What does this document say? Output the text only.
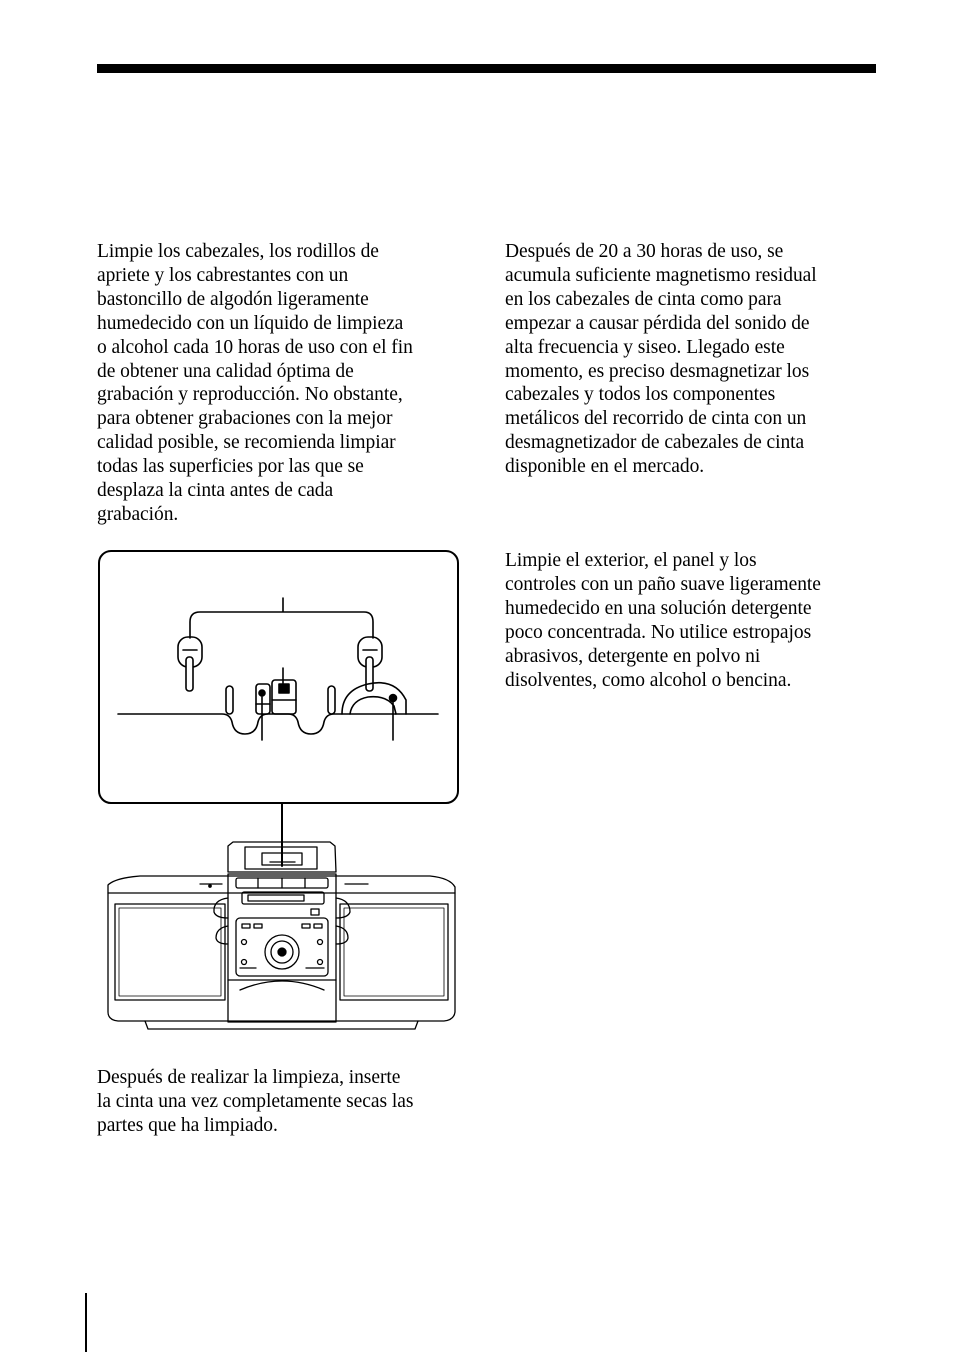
Limpie los cabezales, los rodillos de
apriete y los cabrestantes con un
bastoncillo de algodón ligeramente
humedecido con un líquido de limpieza
o alcohol cada 10 horas de uso con el fin
de obtener una calidad óptima de
grabación y reproducción. No obstante,
para obtener grabaciones con la mejor
calidad posible, se recomienda limpiar
todas las superficies por las que se
desplaza la cinta antes de cada
grabación.

Después de realizar la limpieza, inserte
la cinta una vez completamente secas las
partes que ha limpiado.

Después de 20 a 30 horas de uso, se
acumula suficiente magnetismo residual
en los cabezales de cinta como para
empezar a causar pérdida del sonido de
alta frecuencia y siseo. Llegado este
momento, es preciso desmagnetizar los
cabezales y todos los componentes
metálicos del recorrido de cinta con un
desmagnetizador de cabezales de cinta
disponible en el mercado.

Limpie el exterior, el panel y los
controles con un paño suave ligeramente
humedecido en una solución detergente
poco concentrada. No utilice estropajos
abrasivos, detergente en polvo ni
disolventes, como alcohol o bencina.
